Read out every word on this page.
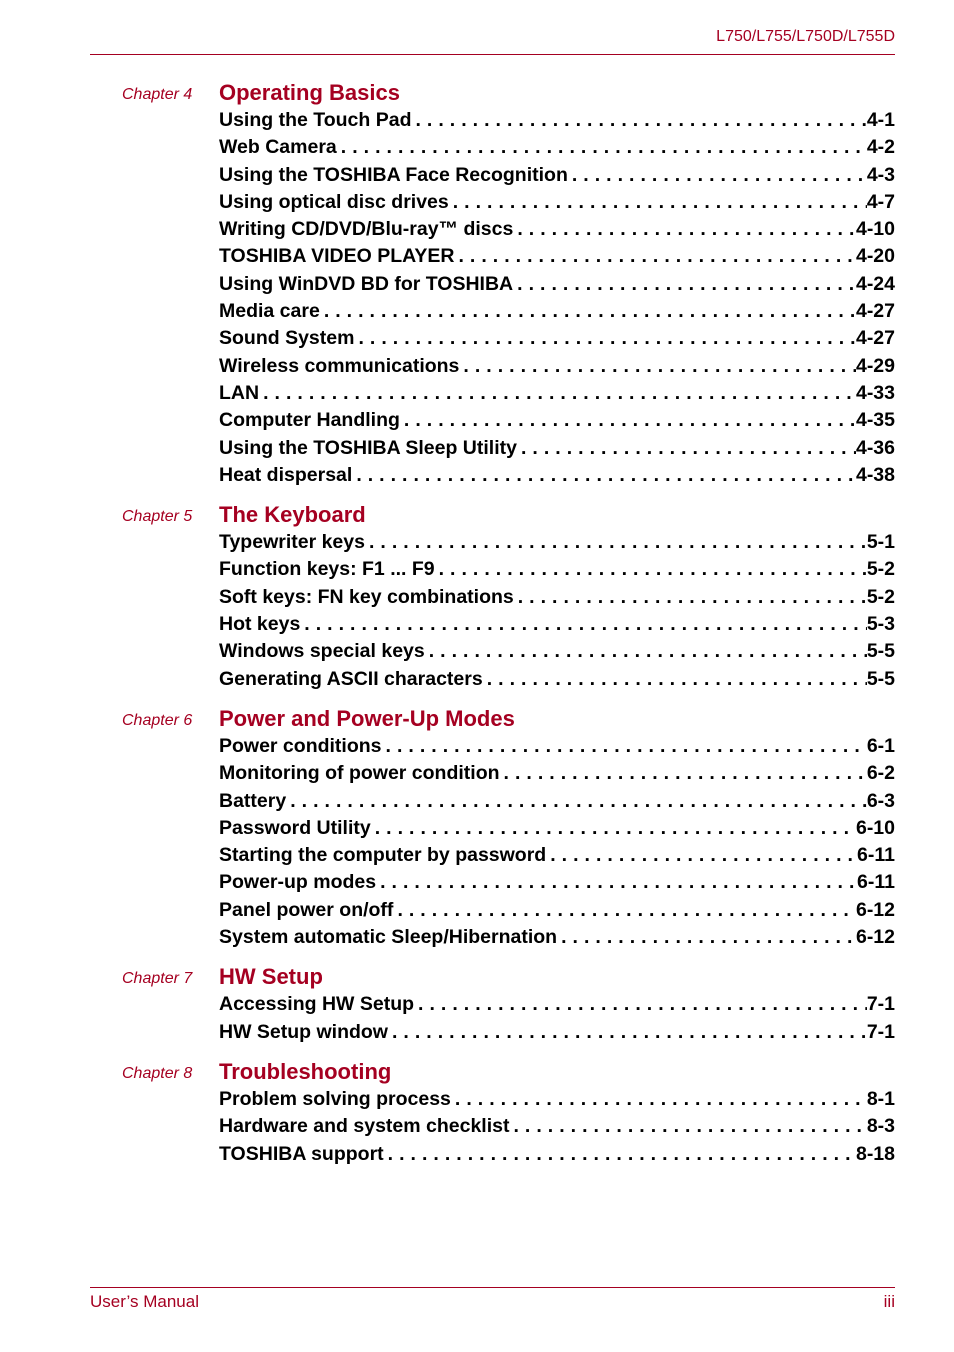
L750/L755/L750D/L755D
Chapter 4 Operating Basics
Using the Touch Pad . . .	4-1
Web Camera . . .	4-2
Using the TOSHIBA Face Recognition . . .	4-3
Using optical disc drives . . .	4-7
Writing CD/DVD/Blu-ray™ discs . . .	4-10
TOSHIBA VIDEO PLAYER . . .	4-20
Using WinDVD BD for TOSHIBA . . .	4-24
Media care . . .	4-27
Sound System . . .	4-27
Wireless communications . . .	4-29
LAN . . .	4-33
Computer Handling . . .	4-35
Using the TOSHIBA Sleep Utility . . .	4-36
Heat dispersal . . .	4-38
Chapter 5 The Keyboard
Typewriter keys . . .	5-1
Function keys: F1 ... F9 . . .	5-2
Soft keys: FN key combinations . . .	5-2
Hot keys . . .	5-3
Windows special keys . . .	5-5
Generating ASCII characters . . .	5-5
Chapter 6 Power and Power-Up Modes
Power conditions . . .	6-1
Monitoring of power condition . . .	6-2
Battery . . .	6-3
Password Utility . . .	6-10
Starting the computer by password . . .	6-11
Power-up modes . . .	6-11
Panel power on/off . . .	6-12
System automatic Sleep/Hibernation . . .	6-12
Chapter 7 HW Setup
Accessing HW Setup . . .	7-1
HW Setup window . . .	7-1
Chapter 8 Troubleshooting
Problem solving process . . .	8-1
Hardware and system checklist . . .	8-3
TOSHIBA support . . .	8-18
User’s Manual	iii
